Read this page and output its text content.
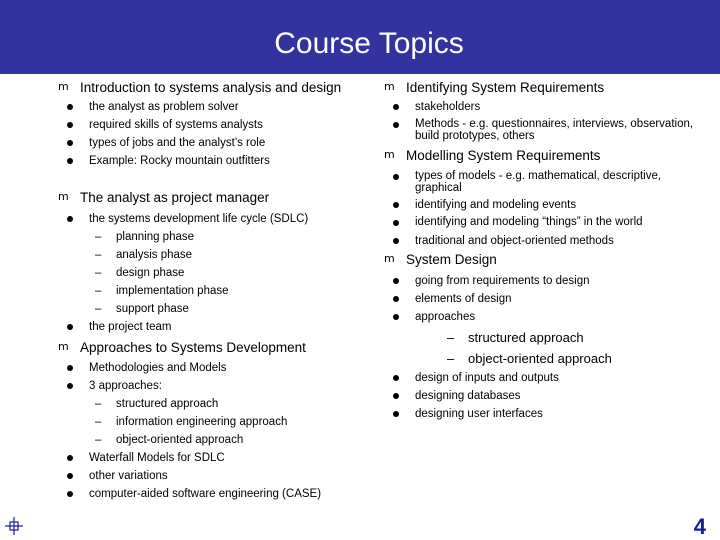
Course Topics
m
Introduction to systems analysis and design
the analyst as problem solver
required skills of systems analysts
types of jobs and the analyst’s role
Example: Rocky mountain outfitters
m
The analyst as project manager
the systems development life cycle (SDLC)
– planning phase
– analysis phase
– design phase
– implementation phase
– support phase
the project team
m
Approaches to Systems Development
Methodologies and Models
3 approaches:
– structured approach
– information engineering approach
– object-oriented approach
Waterfall Models for SDLC
other variations
computer-aided software engineering (CASE)
m
Identifying System Requirements
stakeholders
Methods - e.g. questionnaires, interviews, observation, build prototypes, others
m
Modelling System Requirements
types of models - e.g. mathematical, descriptive, graphical
identifying and modeling events
identifying and modeling “things” in the world
traditional and object-oriented methods
m
System Design
going from requirements to design
elements of design
approaches
– structured approach
– object-oriented approach
design of inputs and outputs
designing databases
designing user interfaces
4
